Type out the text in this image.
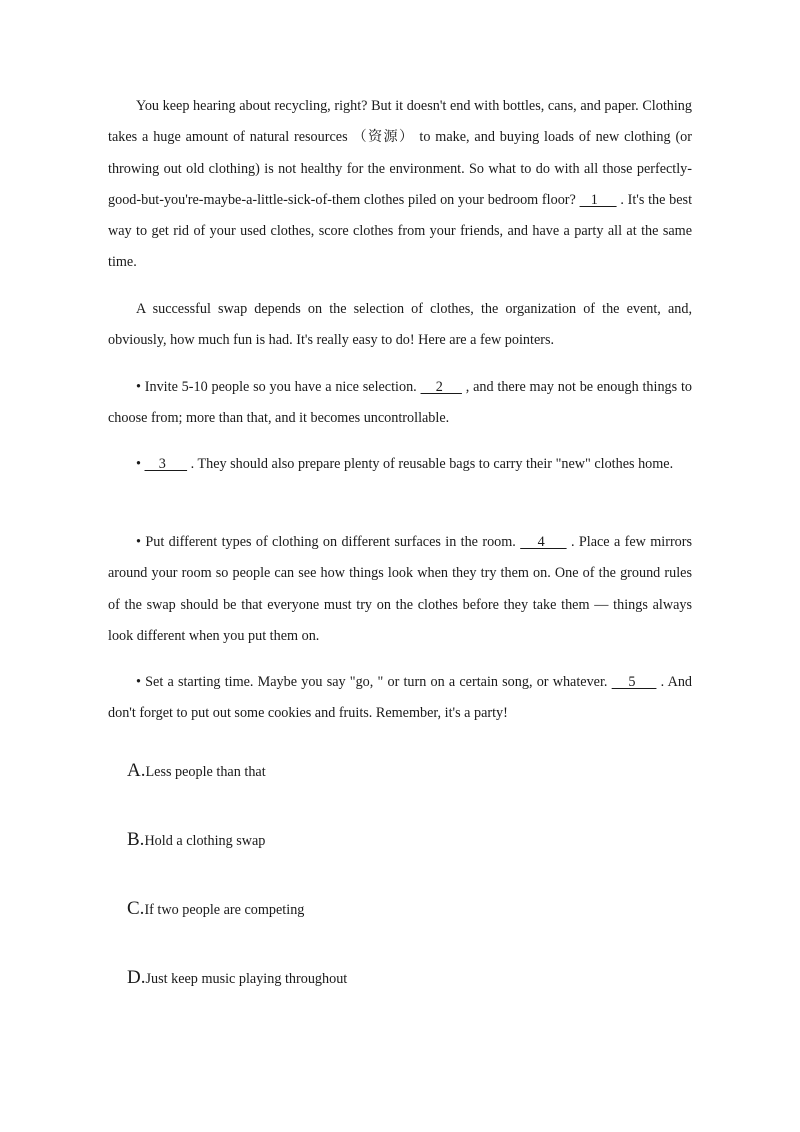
You keep hearing about recycling, right? But it doesn't end with bottles, cans, and paper. Clothing takes a huge amount of natural resources （资源） to make, and buying loads of new clothing (or throwing out old clothing) is not healthy for the environment. So what to do with all those perfectly-good-but-you're-maybe-a-little-sick-of-them clothes piled on your bedroom floor?    1      . It's the best way to get rid of your used clothes, score clothes from your friends, and have a party all at the same time.

A successful swap depends on the selection of clothes, the organization of the event, and, obviously, how much fun is had. It's really easy to do! Here are a few pointers.

• Invite 5-10 people so you have a nice selection.     2      , and there may not be enough things to choose from; more than that, and it becomes uncontrollable.

•     3       . They should also prepare plenty of reusable bags to carry their "new" clothes home.

• Put different types of clothing on different surfaces in the room.     4      . Place a few mirrors around your room so people can see how things look when they try them on. One of the ground rules of the swap should be that everyone must try on the clothes before they take them — things always look different when you put them on.

• Set a starting time. Maybe you say "go, " or turn on a certain song, or whatever.     5      . And don't forget to put out some cookies and fruits. Remember, it's a party!

A.Less people than that
B.Hold a clothing swap
C.If two people are competing
D.Just keep music playing throughout
